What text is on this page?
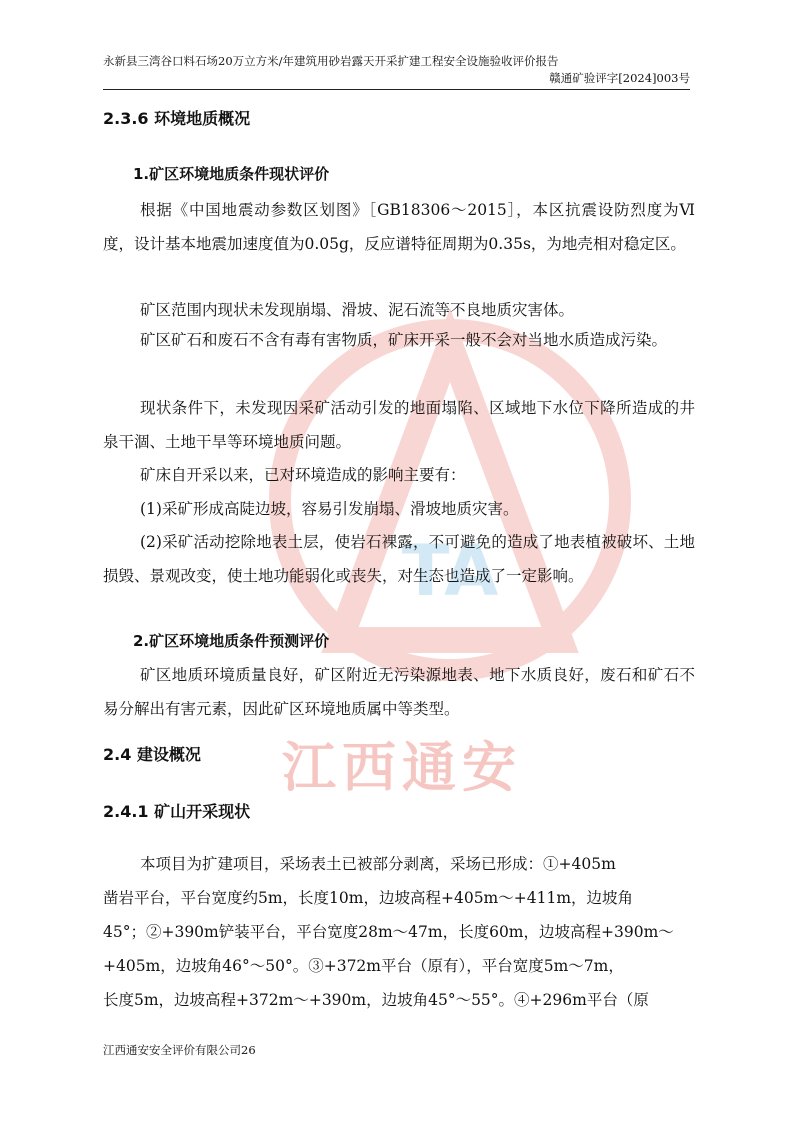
TA
江西通安
永新县三湾谷口料石场20万立方米/年建筑用砂岩露天开采扩建工程安全设施验收评价报告
赣通矿验评字[2024]003号
2.3.6 环境地质概况
1.矿区环境地质条件现状评价
根据《中国地震动参数区划图》［GB18306～2015］，本区抗震设防烈度为Ⅵ度，设计基本地震加速度值为0.05g，反应谱特征周期为0.35s，为地壳相对稳定区。
矿区范围内现状未发现崩塌、滑坡、泥石流等不良地质灾害体。
矿区矿石和废石不含有毒有害物质，矿床开采一般不会对当地水质造成污染。
现状条件下，未发现因采矿活动引发的地面塌陷、区域地下水位下降所造成的井泉干涸、土地干旱等环境地质问题。
矿床自开采以来，已对环境造成的影响主要有：
(1)采矿形成高陡边坡，容易引发崩塌、滑坡地质灾害。
(2)采矿活动挖除地表土层，使岩石裸露，不可避免的造成了地表植被破坏、土地损毁、景观改变，使土地功能弱化或丧失，对生态也造成了一定影响。
2.矿区环境地质条件预测评价
矿区地质环境质量良好，矿区附近无污染源地表、地下水质良好，废石和矿石不易分解出有害元素，因此矿区环境地质属中等类型。
2.4 建设概况
2.4.1 矿山开采现状
本项目为扩建项目，采场表土已被部分剥离，采场已形成：①+405m
凿岩平台，平台宽度约5m，长度10m，边坡高程+405m～+411m，边坡角
45°；②+390m铲装平台，平台宽度28m～47m，长度60m，边坡高程+390m～
+405m，边坡角46°～50°。③+372m平台（原有），平台宽度5m～7m，
长度5m，边坡高程+372m～+390m，边坡角45°～55°。④+296m平台（原
江西通安安全评价有限公司26
